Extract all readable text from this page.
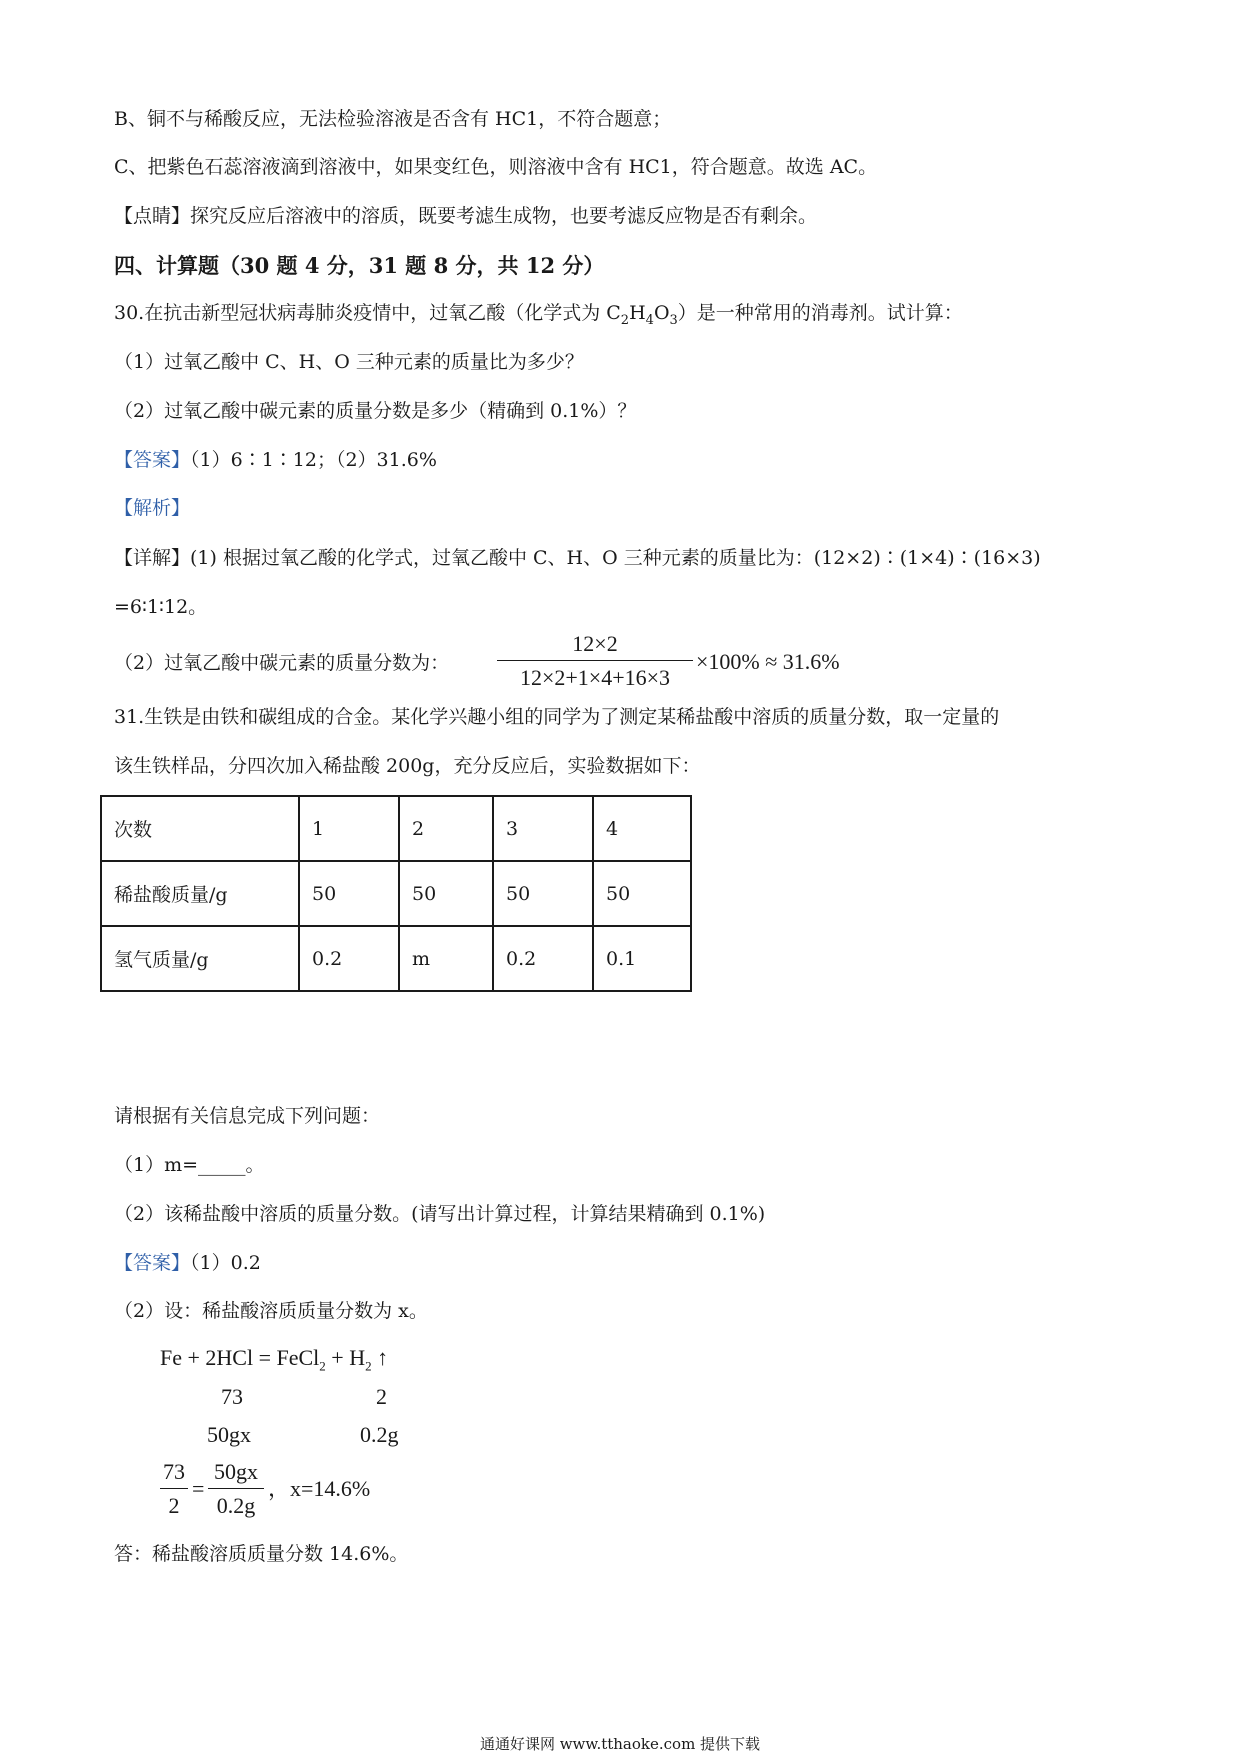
B、铜不与稀酸反应，无法检验溶液是否含有 HC1，不符合题意；
C、把紫色石蕊溶液滴到溶液中，如果变红色，则溶液中含有 HC1，符合题意。故选 AC。
【点睛】探究反应后溶液中的溶质，既要考滤生成物，也要考滤反应物是否有剩余。
四、计算题（30 题 4 分，31 题 8 分，共 12 分）
30.在抗击新型冠状病毒肺炎疫情中，过氧乙酸（化学式为 $C_2H_4O_3$）是一种常用的消毒剂。试计算：
（1）过氧乙酸中 C、H、O 三种元素的质量比为多少？
（2）过氧乙酸中碳元素的质量分数是多少（精确到 0.1%）？
【答案】（1）6∶1∶12；（2）31.6%
【解析】
【详解】(1) 根据过氧乙酸的化学式，过氧乙酸中 C、H、O 三种元素的质量比为：(12×2)∶(1×4)∶(16×3)
=6∶1∶12。
（2）过氧乙酸中碳元素的质量分数为：
12×2
12×2+1×4+16×3
×100% ≈ 31.6%
31.生铁是由铁和碳组成的合金。某化学兴趣小组的同学为了测定某稀盐酸中溶质的质量分数，取一定量的
该生铁样品，分四次加入稀盐酸 200g，充分反应后，实验数据如下：
次数	1	2	3	4
稀盐酸质量/g	50	50	50	50
氢气质量/g	0.2	m	0.2	0.1
请根据有关信息完成下列问题：
（1）m=_____。
（2）该稀盐酸中溶质的质量分数。(请写出计算过程，计算结果精确到 0.1%)
【答案】（1）0.2
（2）设：稀盐酸溶质质量分数为 x。
Fe + 2HCl = FeCl$_2$ + $H_2$ ↑
73	2
50gx	0.2g
73
2
=
50gx
0.2g
，x=14.6%
答：稀盐酸溶质质量分数 14.6%。
通通好课网 www.tthaoke.com 提供下载
